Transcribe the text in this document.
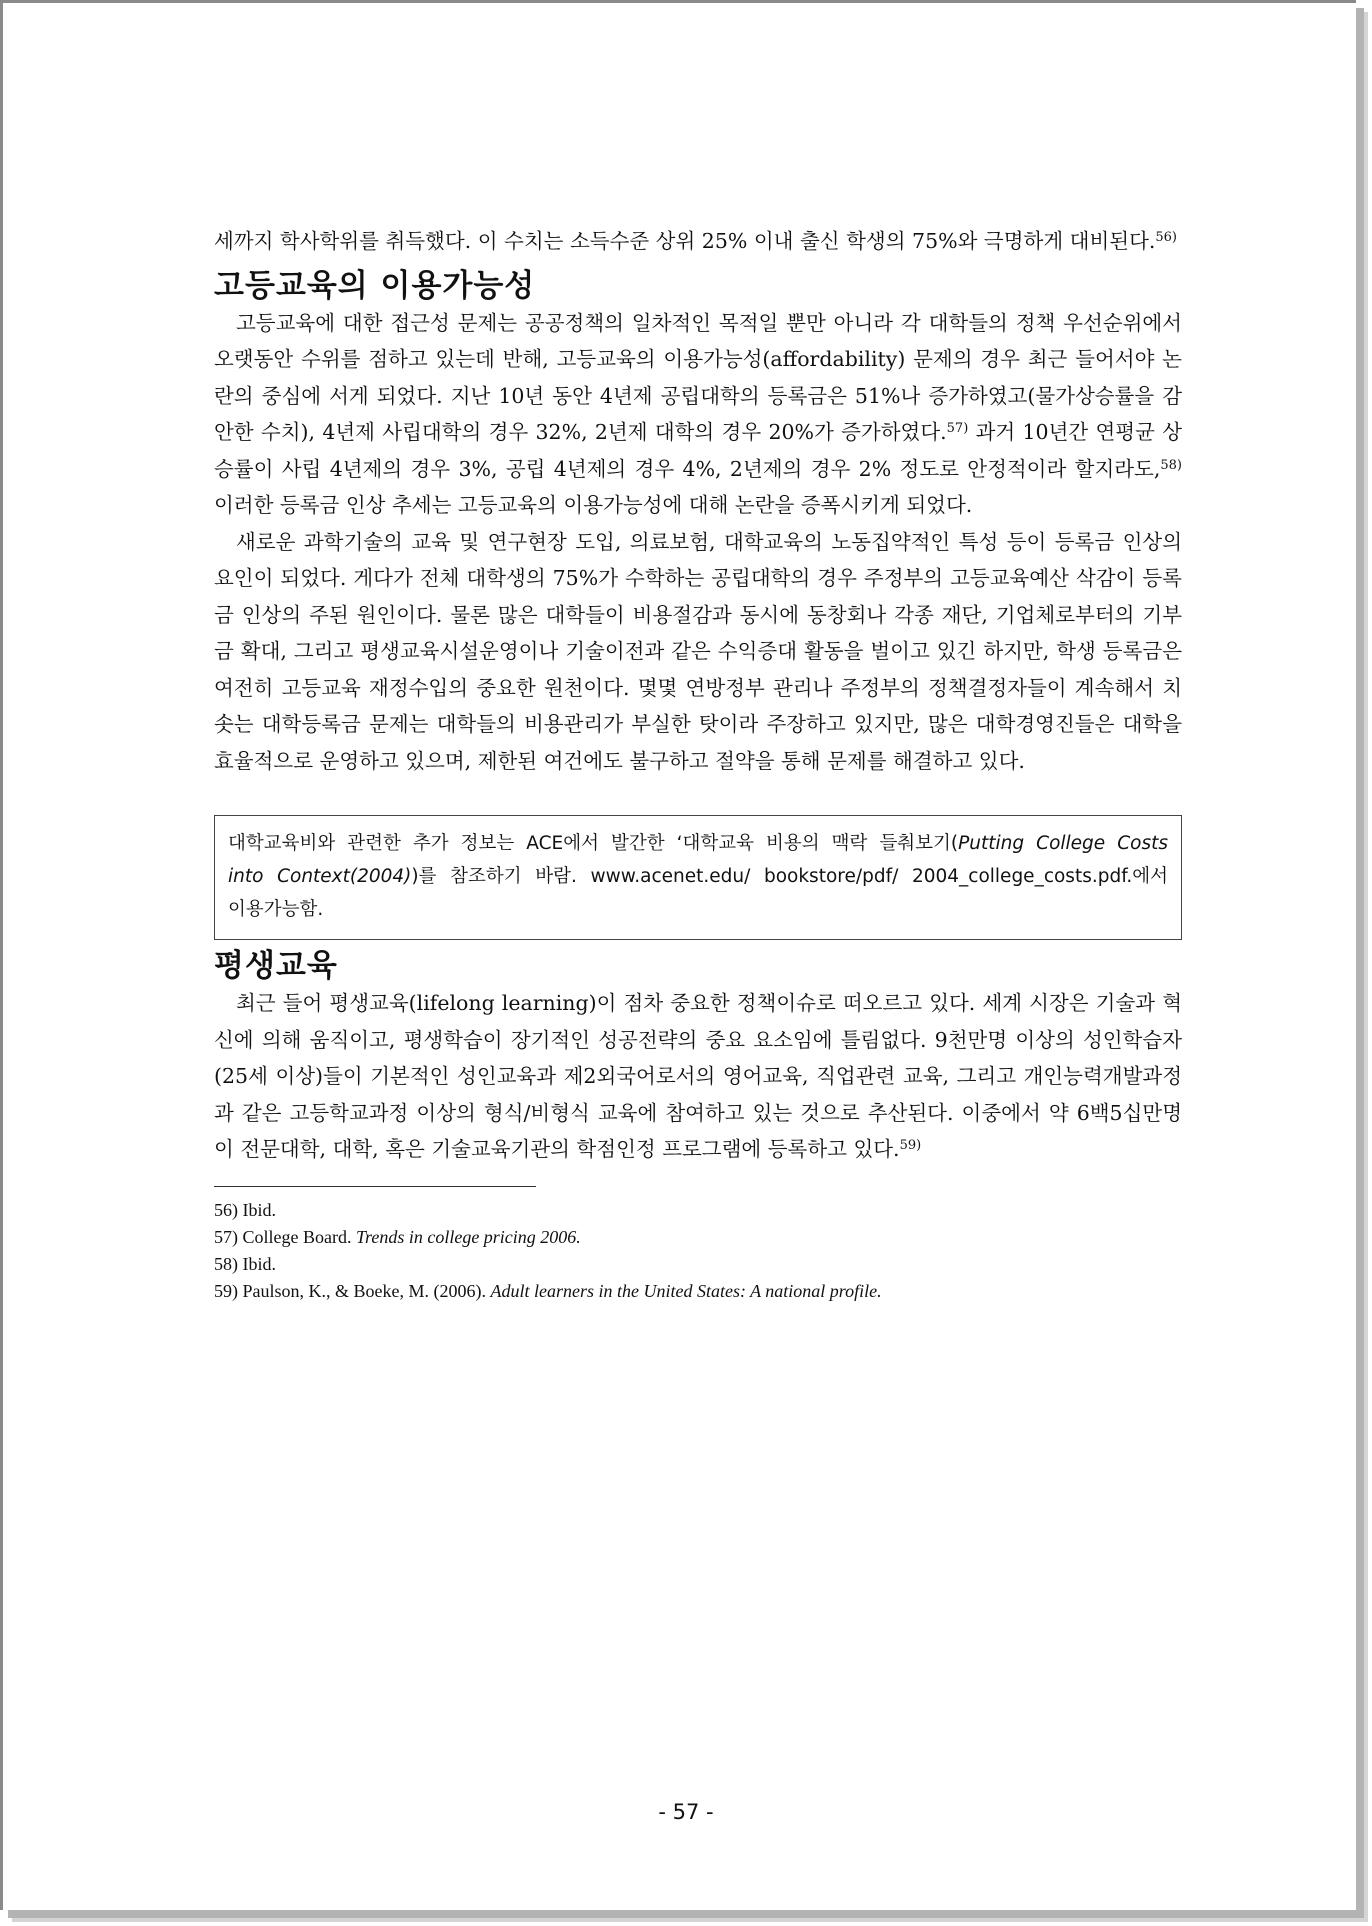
세까지 학사학위를 취득했다. 이 수치는 소득수준 상위 25% 이내 출신 학생의 75%와 극명하게 대비된다.$^{56)}$

고등교육의 이용가능성

고등교육에 대한 접근성 문제는 공공정책의 일차적인 목적일 뿐만 아니라 각 대학들의 정책 우선순위에서 오랫동안 수위를 점하고 있는데 반해, 고등교육의 이용가능성(affordability) 문제의 경우 최근 들어서야 논란의 중심에 서게 되었다. 지난 10년 동안 4년제 공립대학의 등록금은 51%나 증가하였고(물가상승률을 감안한 수치), 4년제 사립대학의 경우 32%, 2년제 대학의 경우 20%가 증가하였다.$^{57)}$ 과거 10년간 연평균 상승률이 사립 4년제의 경우 3%, 공립 4년제의 경우 4%, 2년제의 경우 2% 정도로 안정적이라 할지라도,$^{58)}$ 이러한 등록금 인상 추세는 고등교육의 이용가능성에 대해 논란을 증폭시키게 되었다.

새로운 과학기술의 교육 및 연구현장 도입, 의료보험, 대학교육의 노동집약적인 특성 등이 등록금 인상의 요인이 되었다. 게다가 전체 대학생의 75%가 수학하는 공립대학의 경우 주정부의 고등교육예산 삭감이 등록금 인상의 주된 원인이다. 물론 많은 대학들이 비용절감과 동시에 동창회나 각종 재단, 기업체로부터의 기부금 확대, 그리고 평생교육시설운영이나 기술이전과 같은 수익증대 활동을 벌이고 있긴 하지만, 학생 등록금은 여전히 고등교육 재정수입의 중요한 원천이다. 몇몇 연방정부 관리나 주정부의 정책결정자들이 계속해서 치솟는 대학등록금 문제는 대학들의 비용관리가 부실한 탓이라 주장하고 있지만, 많은 대학경영진들은 대학을 효율적으로 운영하고 있으며, 제한된 여건에도 불구하고 절약을 통해 문제를 해결하고 있다.

대학교육비와 관련한 추가 정보는 ACE에서 발간한 ‘대학교육 비용의 맥락 들춰보기(Putting College Costs into Context(2004))를 참조하기 바람. www.acenet.edu/ bookstore/pdf/ 2004_college_costs.pdf.에서 이용가능함.
평생교육

최근 들어 평생교육(lifelong learning)이 점차 중요한 정책이슈로 떠오르고 있다. 세계 시장은 기술과 혁신에 의해 움직이고, 평생학습이 장기적인 성공전략의 중요 요소임에 틀림없다. 9천만명 이상의 성인학습자(25세 이상)들이 기본적인 성인교육과 제2외국어로서의 영어교육, 직업관련 교육, 그리고 개인능력개발과정과 같은 고등학교과정 이상의 형식/비형식 교육에 참여하고 있는 것으로 추산된다. 이중에서 약 6백5십만명이 전문대학, 대학, 혹은 기술교육기관의 학점인정 프로그램에 등록하고 있다.$^{59)}$

56) Ibid.
57) College Board. Trends in college pricing 2006.
58) Ibid.
59) Paulson, K., & Boeke, M. (2006). Adult learners in the United States: A national profile.
- 57 -
